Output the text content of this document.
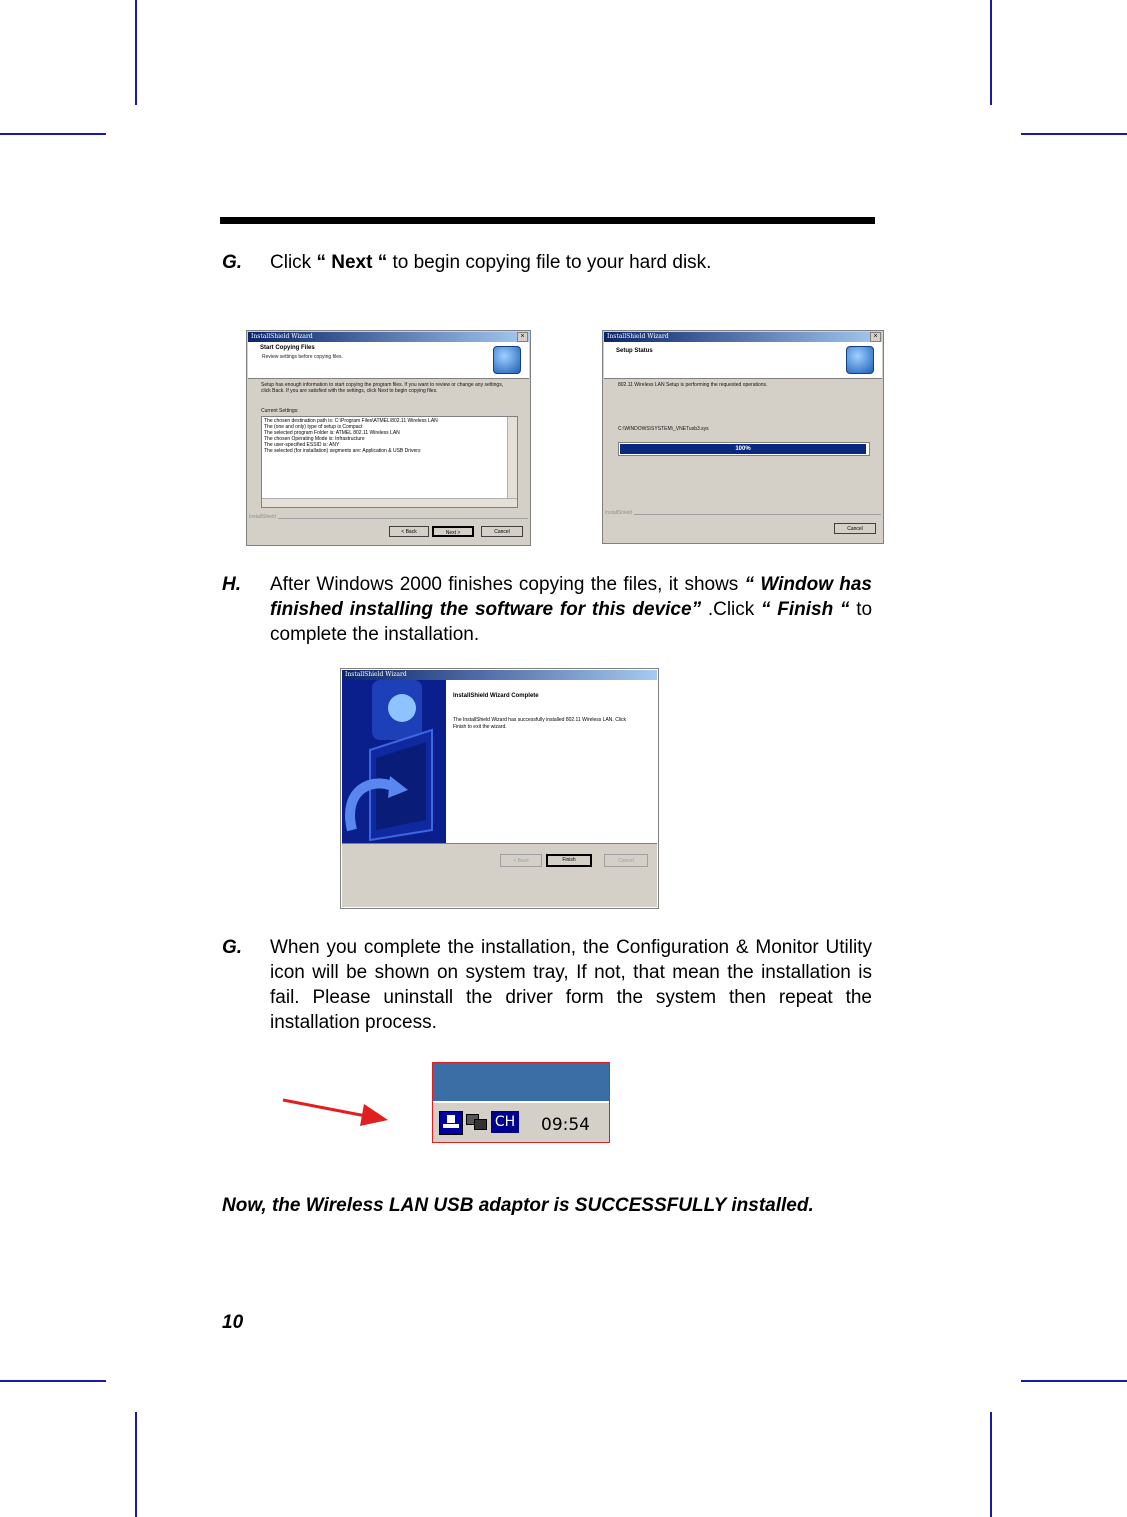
G. Click “ Next “ to begin copying file to your hard disk.
InstallShield Wizard	×
Start Copying Files
Review settings before copying files.
Setup has enough information to start copying the program files. If you want to review or change any settings, click Back. If you are satisfied with the settings, click Next to begin copying files.
Current Settings:
The chosen destination path is: C:\Program Files\ATMEL\802.11 Wireless LAN
The (one and only) type of setup is Compact
The selected program Folder is: ATMEL 802.11 Wireless LAN
The chosen Operating Mode is: Infrastructure
The user-specified ESSID is: ANY
The selected (for installation) segments are: Application & USB Drivers
InstallShield
< Back	Next >	Cancel
InstallShield Wizard	×
Setup Status
802.11 Wireless LAN Setup is performing the requested operations.
C:\WINDOWS\SYSTEM\_VNETusb3.sys
100%
InstallShield
Cancel
H. After Windows 2000 finishes copying the files, it shows “ Window has finished installing the software for this device” .Click “ Finish “ to complete the installation.
InstallShield Wizard
InstallShield Wizard Complete
The InstallShield Wizard has successfully installed 802.11 Wireless LAN. Click Finish to exit the wizard.
< Back	Finish	Cancel
G. When you complete the installation, the Configuration & Monitor Utility icon will be shown on system tray, If not, that mean the installation is fail. Please uninstall the driver form the system then repeat the installation process.
CH 09:54
Now, the Wireless LAN USB adaptor is SUCCESSFULLY installed.
10
